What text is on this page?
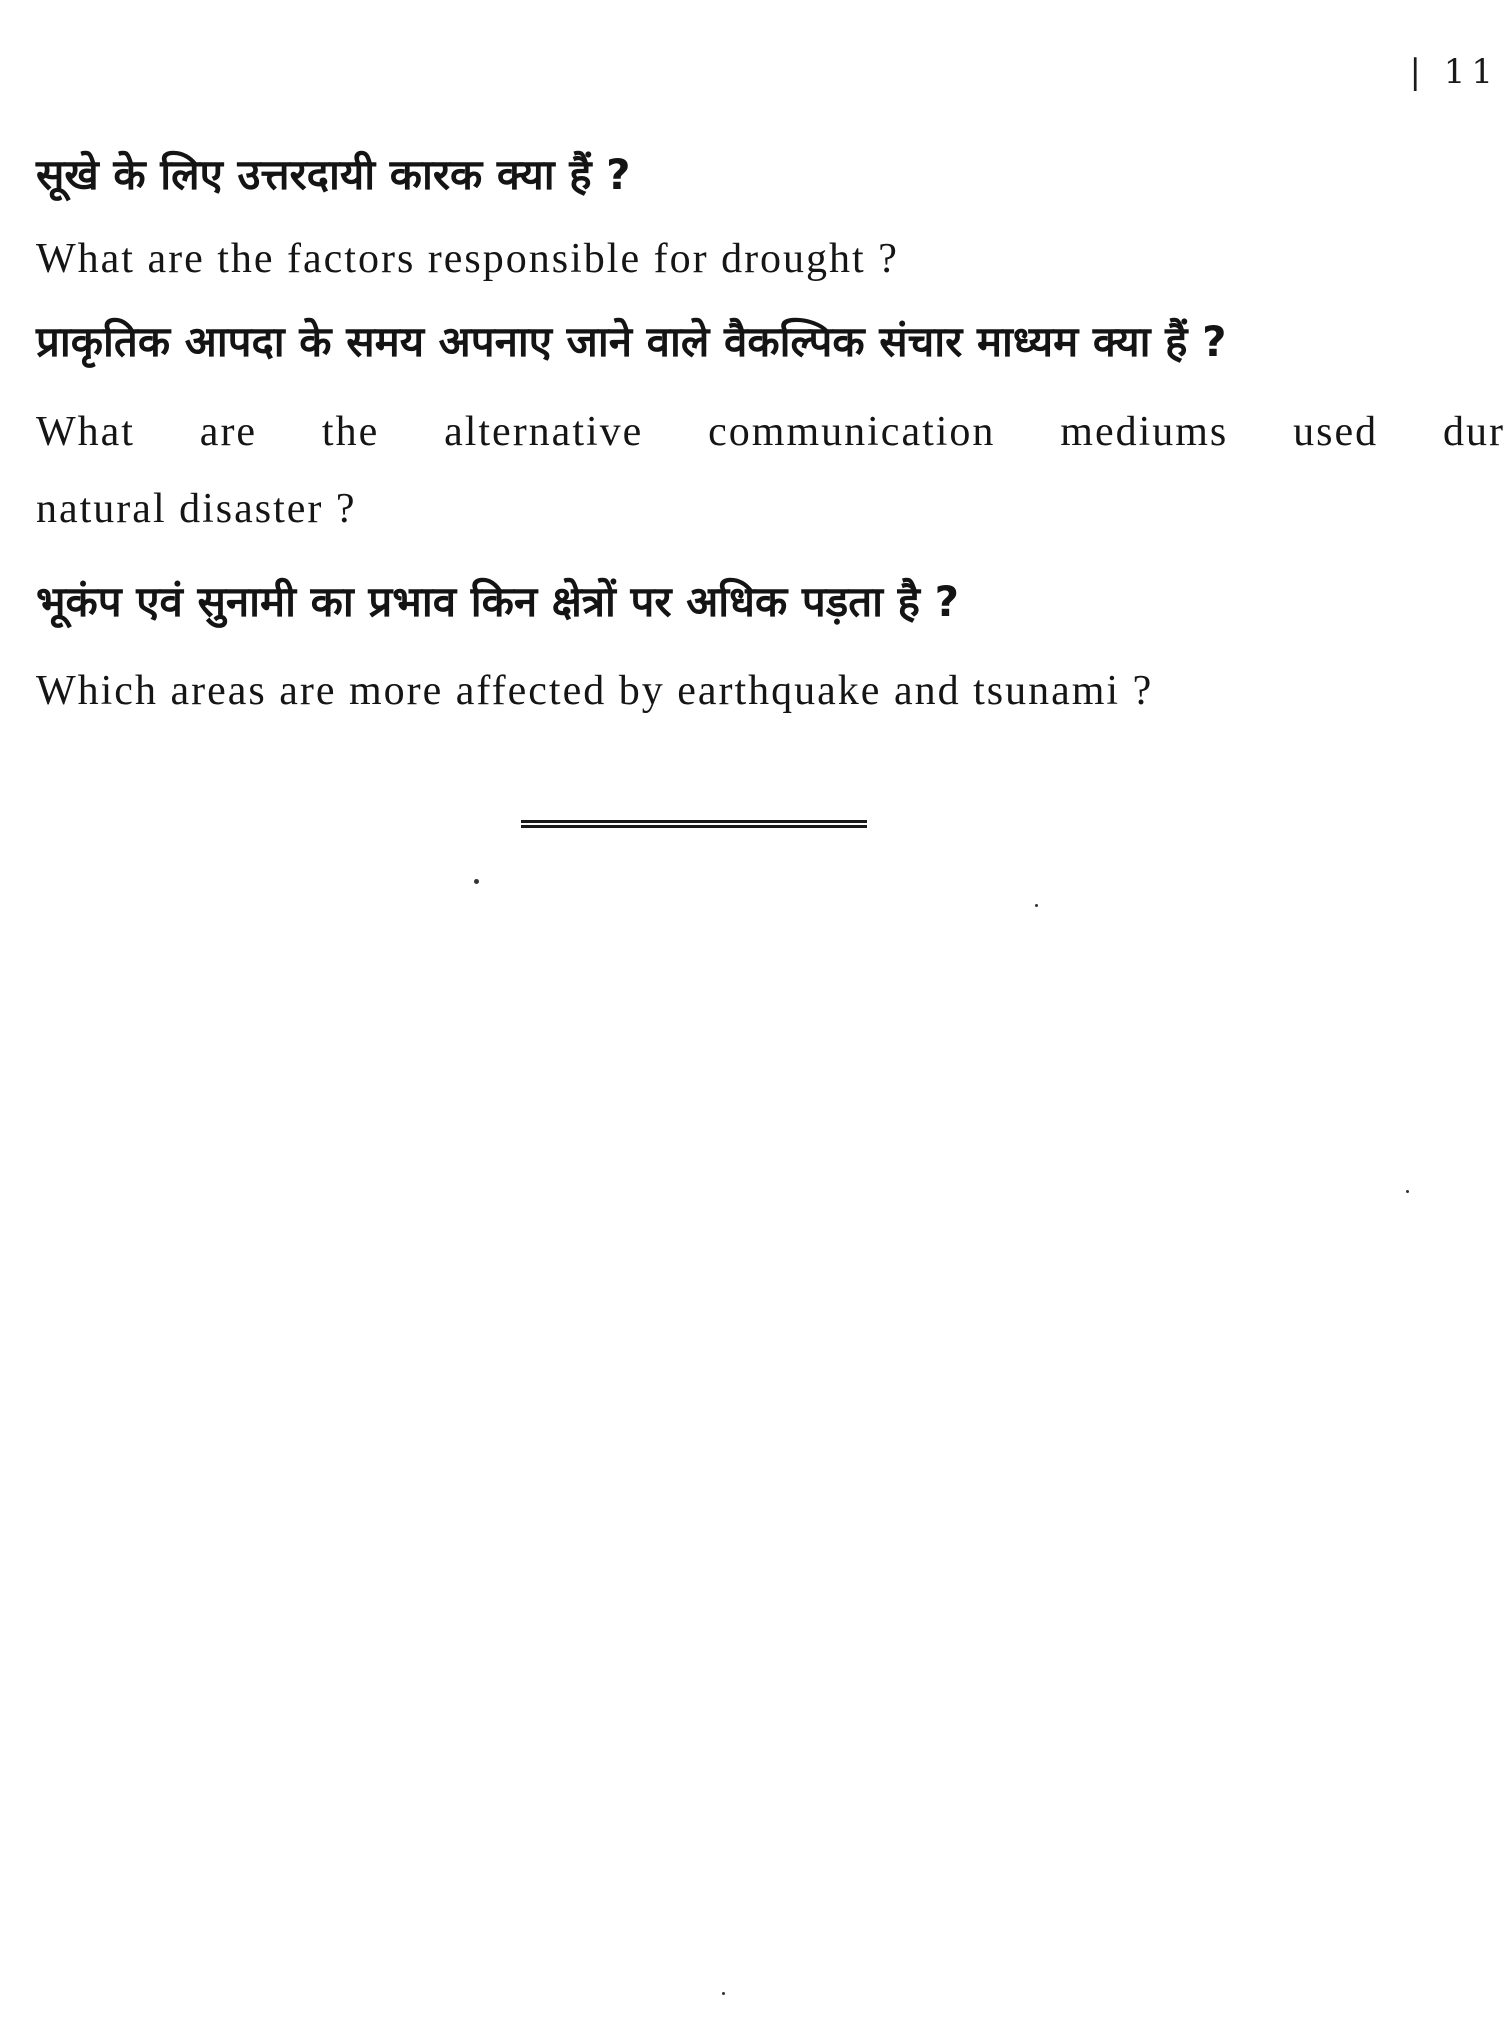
| 11
सूखे के लिए उत्तरदायी कारक क्या हैं ?
What are the factors responsible for drought ?
प्राकृतिक आपदा के समय अपनाए जाने वाले वैकल्पिक संचार माध्यम क्या हैं ?
What are the alternative communication mediums used dur
natural disaster ?
भूकंप एवं सुनामी का प्रभाव किन क्षेत्रों पर अधिक पड़ता है ?
Which areas are more affected by earthquake and tsunami ?
